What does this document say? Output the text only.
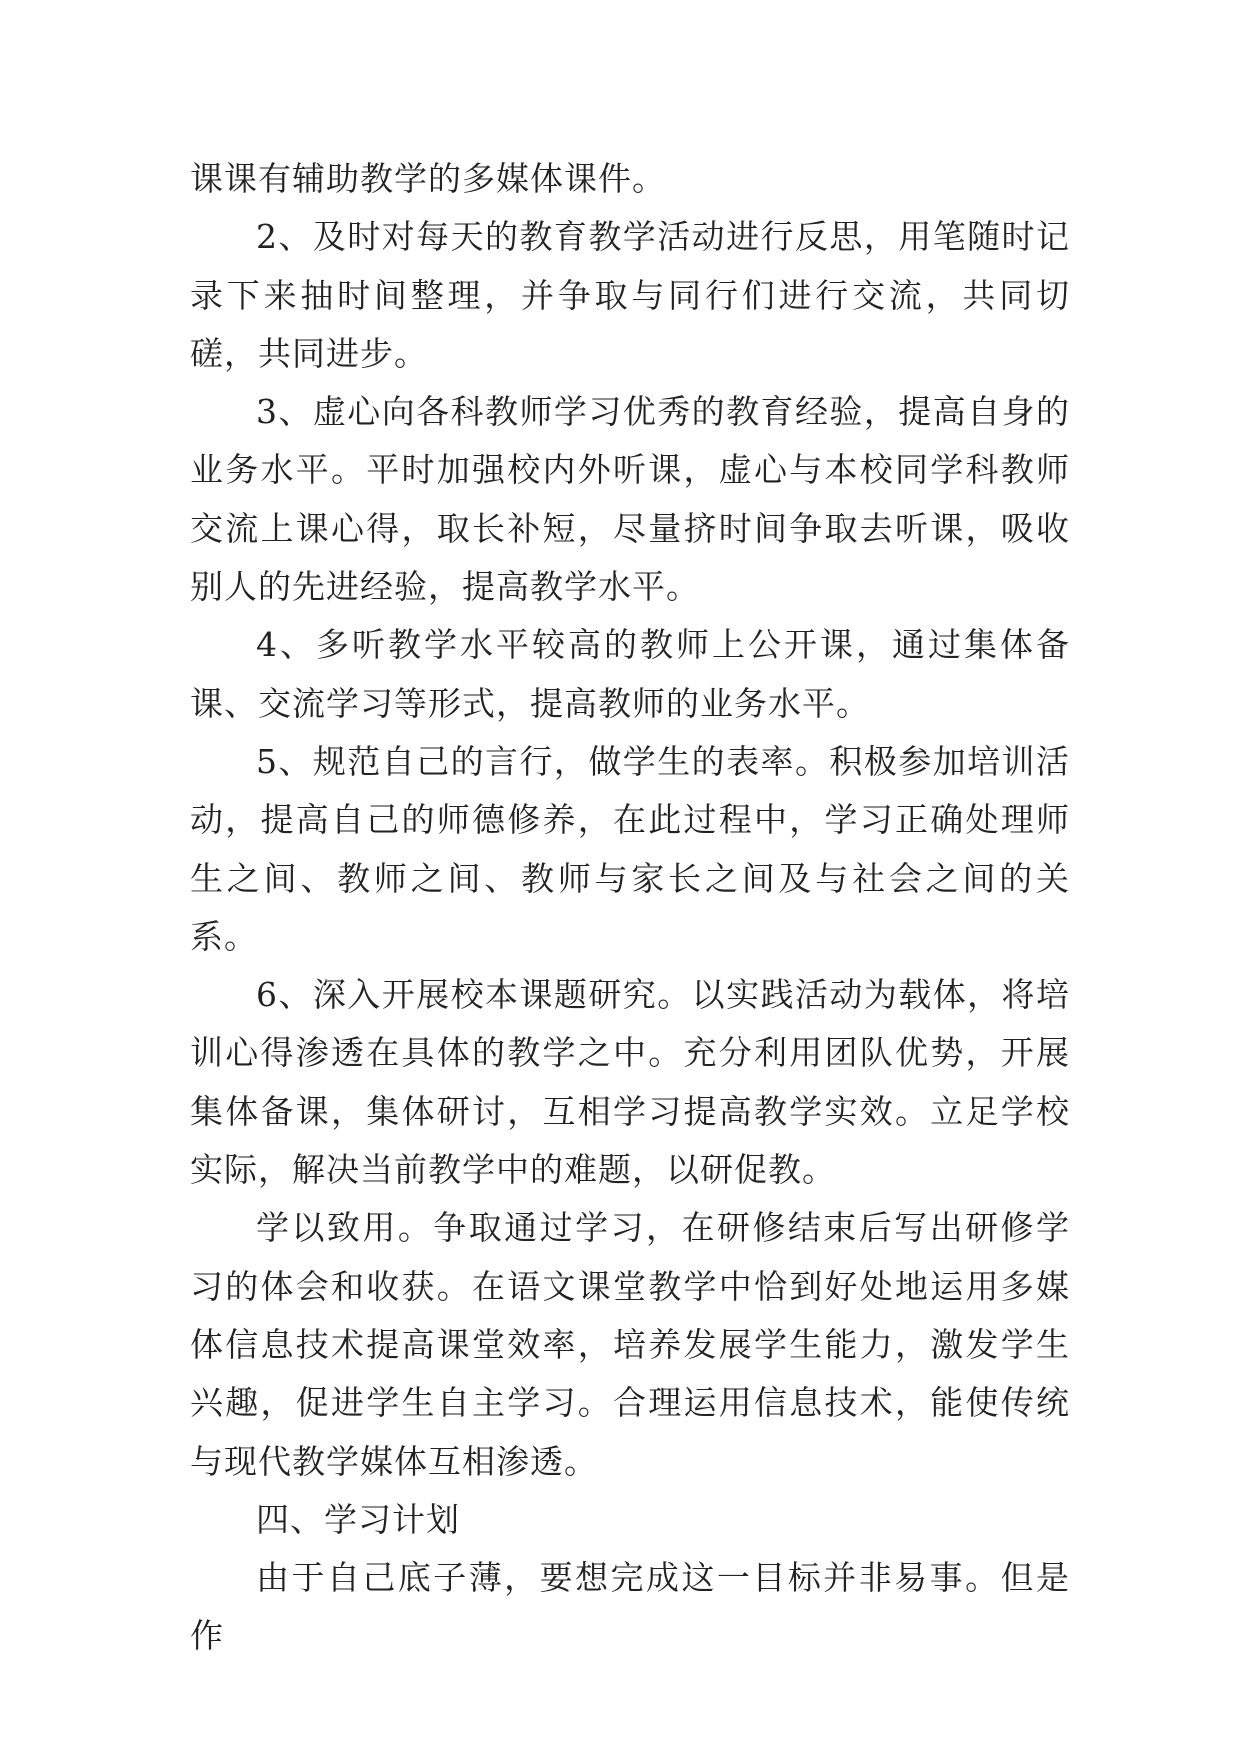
课课有辅助教学的多媒体课件。

2、及时对每天的教育教学活动进行反思，用笔随时记录下来抽时间整理，并争取与同行们进行交流，共同切磋，共同进步。

3、虚心向各科教师学习优秀的教育经验，提高自身的业务水平。平时加强校内外听课，虚心与本校同学科教师交流上课心得，取长补短，尽量挤时间争取去听课，吸收别人的先进经验，提高教学水平。

4、多听教学水平较高的教师上公开课，通过集体备课、交流学习等形式，提高教师的业务水平。

5、规范自己的言行，做学生的表率。积极参加培训活动，提高自己的师德修养，在此过程中，学习正确处理师生之间、教师之间、教师与家长之间及与社会之间的关系。

6、深入开展校本课题研究。以实践活动为载体，将培训心得渗透在具体的教学之中。充分利用团队优势，开展集体备课，集体研讨，互相学习提高教学实效。立足学校实际，解决当前教学中的难题，以研促教。

学以致用。争取通过学习，在研修结束后写出研修学习的体会和收获。在语文课堂教学中恰到好处地运用多媒体信息技术提高课堂效率，培养发展学生能力，激发学生兴趣，促进学生自主学习。合理运用信息技术，能使传统与现代教学媒体互相渗透。

四、学习计划

由于自己底子薄，要想完成这一目标并非易事。但是作
